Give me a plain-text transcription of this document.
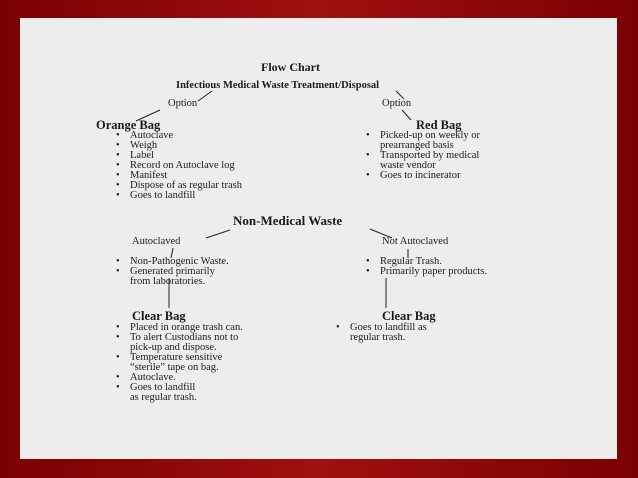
Flow Chart
Infectious Medical Waste Treatment/Disposal
Option	Option
Orange Bag
• Autoclave
• Weigh
• Label
• Record on Autoclave log
• Manifest
• Dispose of as regular trash
• Goes to landfill
Red Bag
• Picked-up on weekly or
prearranged basis
• Transported by medical
waste vendor
• Goes to incinerator
Non-Medical Waste
Autoclaved	Not Autoclaved
• Non-Pathogenic Waste.
• Generated primarily
from laboratories.
• Regular Trash.
• Primarily paper products.
Clear Bag
• Placed in orange trash can.
• To alert Custodians not to
pick-up and dispose.
• Temperature sensitive
“sterile” tape on bag.
• Autoclave.
• Goes to landfill
as regular trash.
Clear Bag
• Goes to landfill as
regular trash.
